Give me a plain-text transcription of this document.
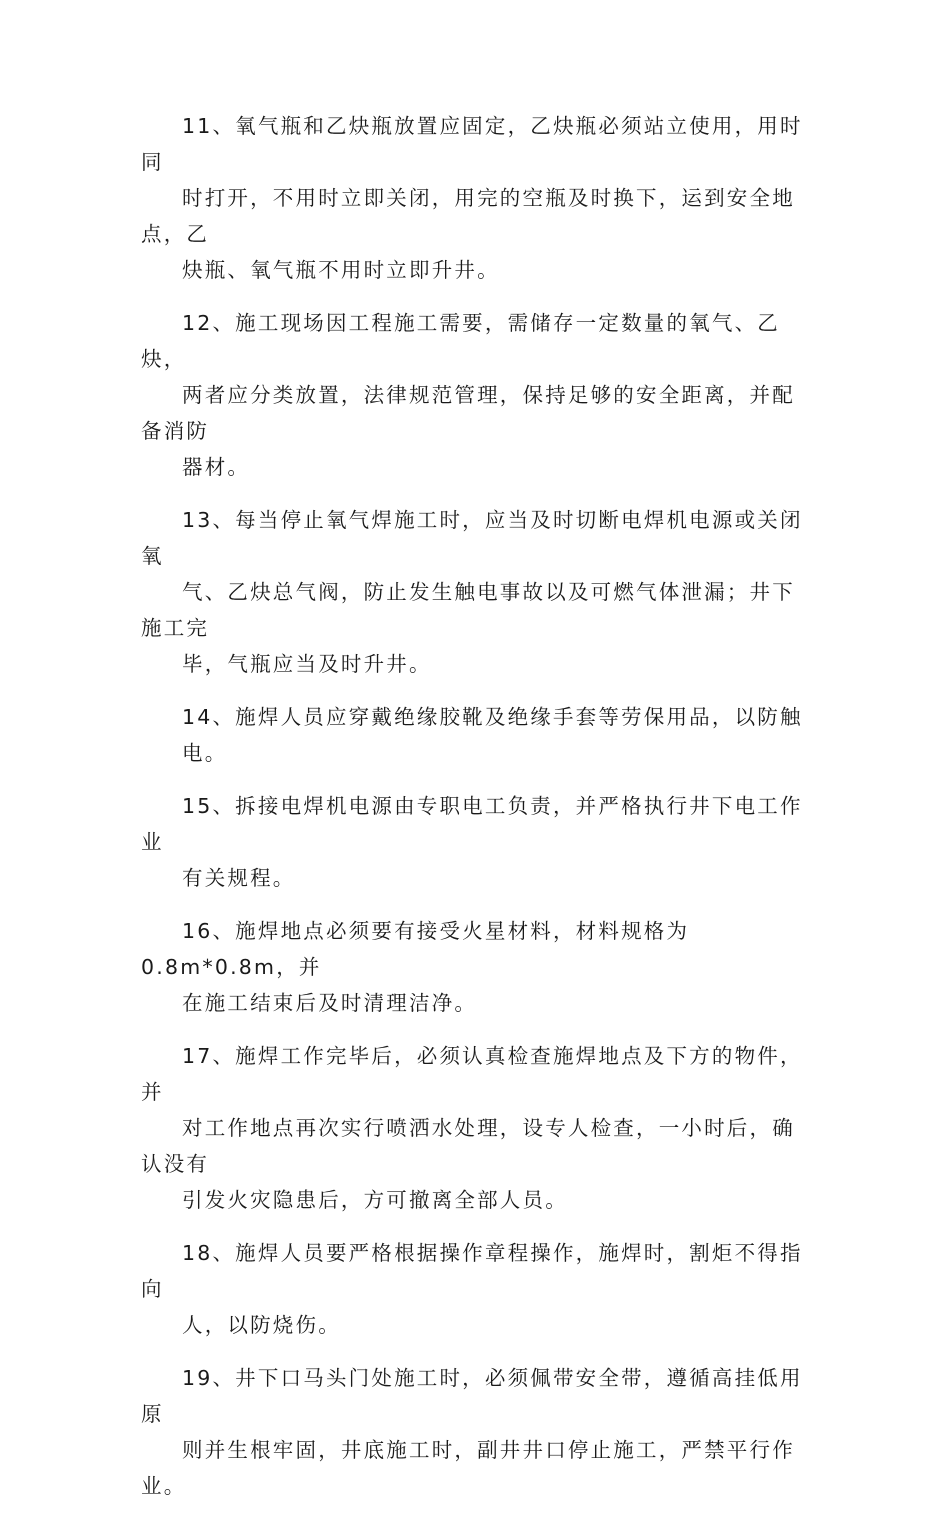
11、氧气瓶和乙炔瓶放置应固定，乙炔瓶必须站立使用，用时同
时打开，不用时立即关闭，用完的空瓶及时换下，运到安全地点，乙
炔瓶、氧气瓶不用时立即升井。

12、施工现场因工程施工需要，需储存一定数量的氧气、乙炔，
两者应分类放置，法律规范管理，保持足够的安全距离，并配备消防
器材。

13、每当停止氧气焊施工时，应当及时切断电焊机电源或关闭氧
气、乙炔总气阀，防止发生触电事故以及可燃气体泄漏；井下施工完
毕，气瓶应当及时升井。

14、施焊人员应穿戴绝缘胶靴及绝缘手套等劳保用品，以防触
电。

15、拆接电焊机电源由专职电工负责，并严格执行井下电工作业
有关规程。

16、施焊地点必须要有接受火星材料，材料规格为0.8m*0.8m，并
在施工结束后及时清理洁净。

17、施焊工作完毕后，必须认真检查施焊地点及下方的物件，并
对工作地点再次实行喷洒水处理，设专人检查，一小时后，确认没有
引发火灾隐患后，方可撤离全部人员。

18、施焊人员要严格根据操作章程操作，施焊时，割炬不得指向
人，以防烧伤。

19、井下口马头门处施工时，必须佩带安全带，遵循高挂低用原
则并生根牢固，井底施工时，副井井口停止施工，严禁平行作业。
